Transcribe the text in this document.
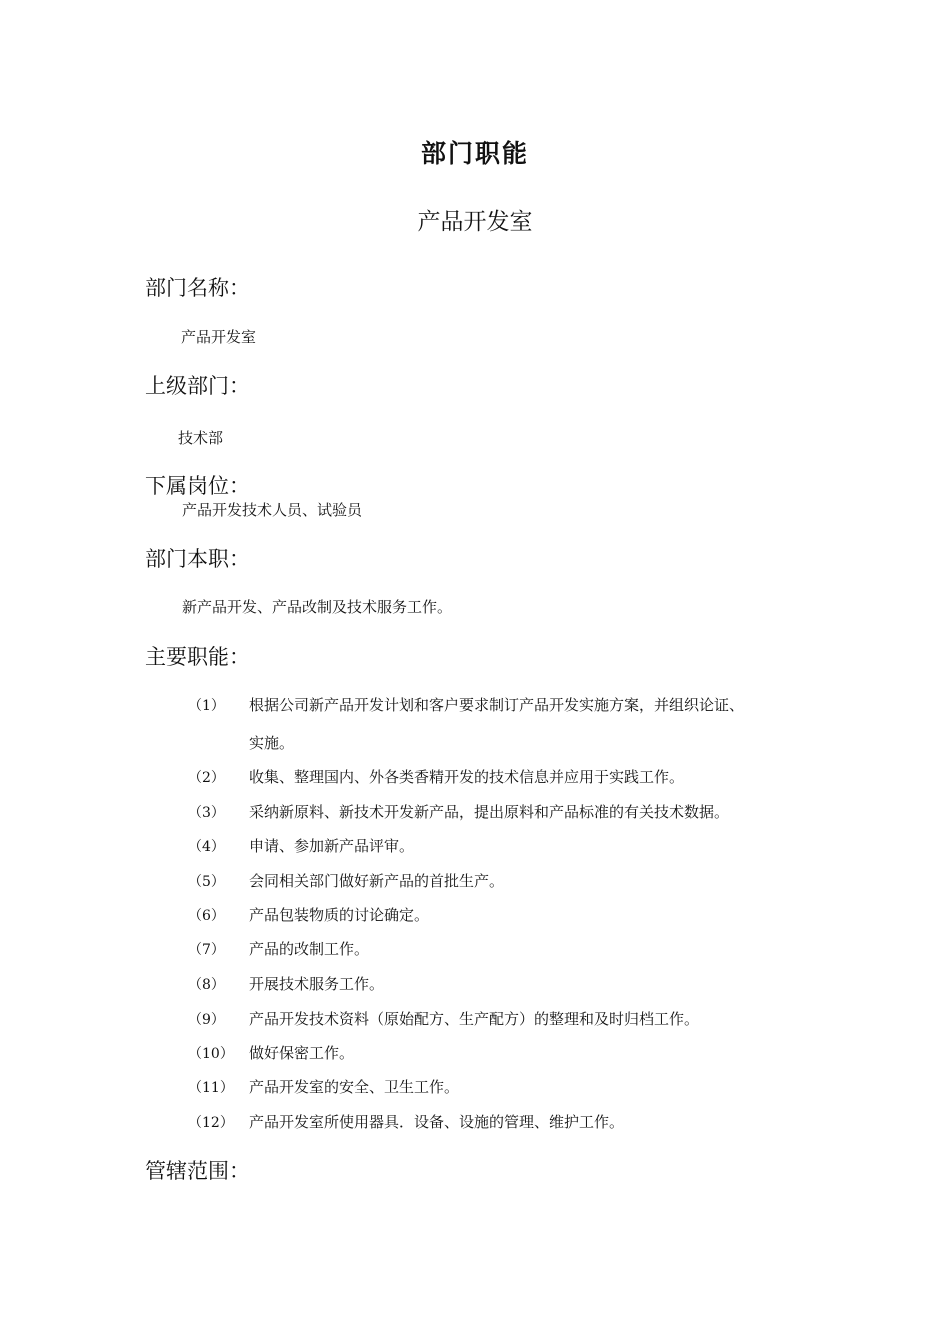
部门职能
产品开发室
部门名称：
产品开发室
上级部门：
技术部
下属岗位：
产品开发技术人员、试验员
部门本职：
新产品开发、产品改制及技术服务工作。
主要职能：
（1） 根据公司新产品开发计划和客户要求制订产品开发实施方案，并组织论证、
实施。
（2） 收集、整理国内、外各类香精开发的技术信息并应用于实践工作。
（3） 采纳新原料、新技术开发新产品，提出原料和产品标准的有关技术数据。
（4） 申请、参加新产品评审。
（5） 会同相关部门做好新产品的首批生产。
（6） 产品包装物质的讨论确定。
（7） 产品的改制工作。
（8） 开展技术服务工作。
（9） 产品开发技术资料（原始配方、生产配方）的整理和及时归档工作。
（10） 做好保密工作。
（11） 产品开发室的安全、卫生工作。
（12） 产品开发室所使用器具．设备、设施的管理、维护工作。
管辖范围：
